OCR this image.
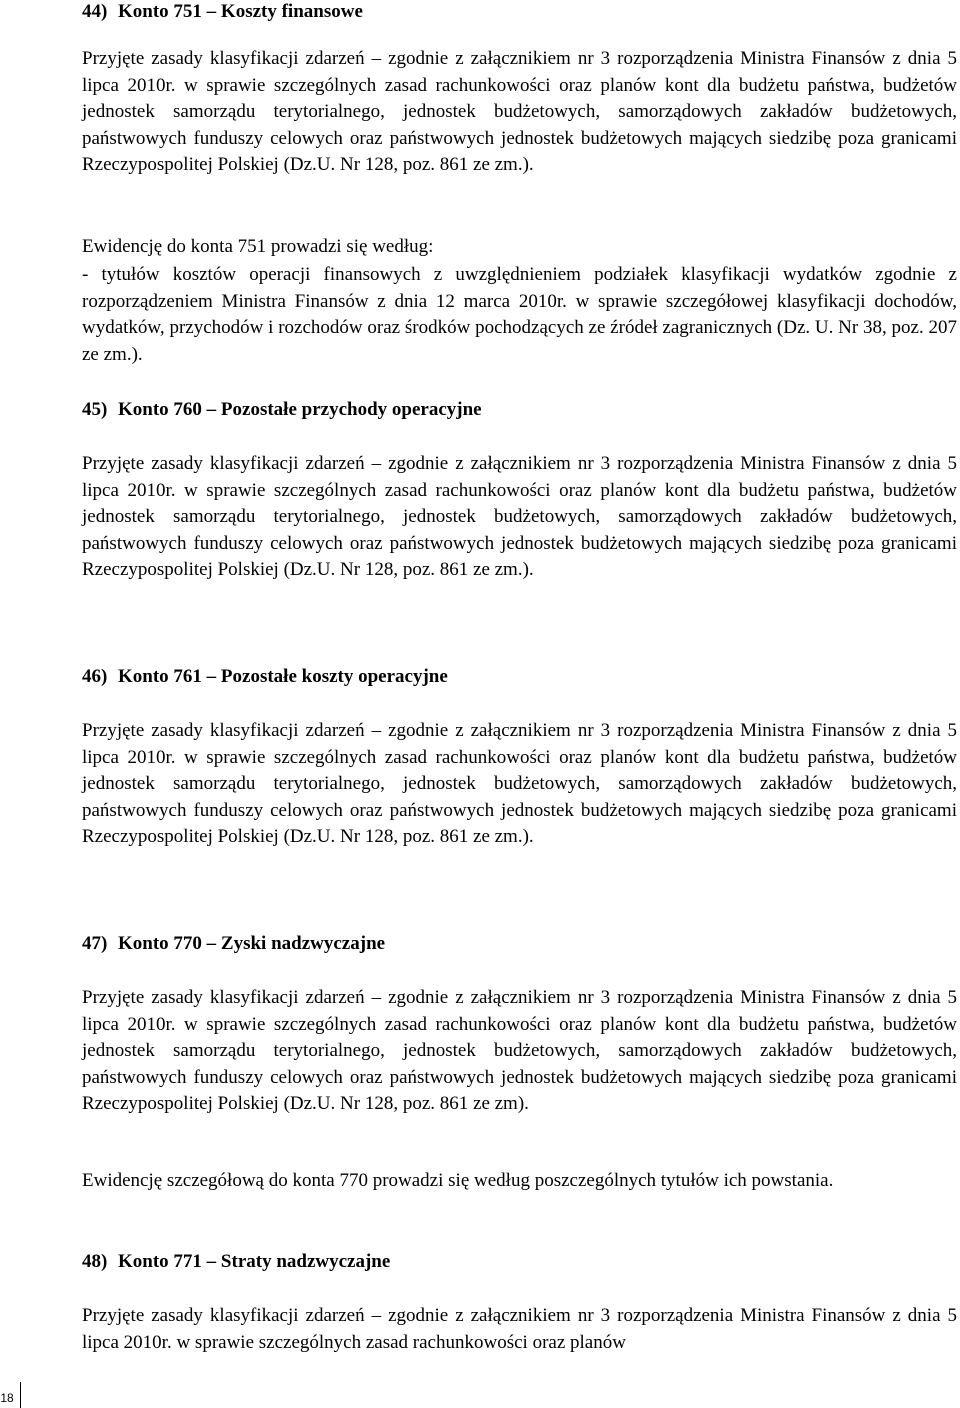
44) Konto 751 – Koszty finansowe
Przyjęte zasady klasyfikacji zdarzeń – zgodnie z załącznikiem nr 3 rozporządzenia Ministra Finansów z dnia 5 lipca 2010r. w sprawie szczególnych zasad rachunkowości oraz planów kont dla budżetu państwa, budżetów jednostek samorządu terytorialnego, jednostek budżetowych, samorządowych zakładów budżetowych, państwowych funduszy celowych oraz państwowych jednostek budżetowych mających siedzibę poza granicami Rzeczypospolitej Polskiej (Dz.U. Nr 128, poz. 861 ze zm.).
Ewidencję do konta 751 prowadzi się według:
- tytułów kosztów operacji finansowych z uwzględnieniem podziałek klasyfikacji wydatków zgodnie z rozporządzeniem Ministra Finansów z dnia 12 marca 2010r. w sprawie szczegółowej klasyfikacji dochodów, wydatków, przychodów i rozchodów oraz środków pochodzących ze źródeł zagranicznych (Dz. U. Nr 38, poz. 207 ze zm.).
45) Konto 760 – Pozostałe przychody operacyjne
Przyjęte zasady klasyfikacji zdarzeń – zgodnie z załącznikiem nr 3 rozporządzenia Ministra Finansów z dnia 5 lipca 2010r. w sprawie szczególnych zasad rachunkowości oraz planów kont dla budżetu państwa, budżetów jednostek samorządu terytorialnego, jednostek budżetowych, samorządowych zakładów budżetowych, państwowych funduszy celowych oraz państwowych jednostek budżetowych mających siedzibę poza granicami Rzeczypospolitej Polskiej (Dz.U. Nr 128, poz. 861 ze zm.).
46) Konto 761 – Pozostałe koszty operacyjne
Przyjęte zasady klasyfikacji zdarzeń – zgodnie z załącznikiem nr 3 rozporządzenia Ministra Finansów z dnia 5 lipca 2010r. w sprawie szczególnych zasad rachunkowości oraz planów kont dla budżetu państwa, budżetów jednostek samorządu terytorialnego, jednostek budżetowych, samorządowych zakładów budżetowych, państwowych funduszy celowych oraz państwowych jednostek budżetowych mających siedzibę poza granicami Rzeczypospolitej Polskiej (Dz.U. Nr 128, poz. 861 ze zm.).
47) Konto 770 – Zyski nadzwyczajne
Przyjęte zasady klasyfikacji zdarzeń – zgodnie z załącznikiem nr 3 rozporządzenia Ministra Finansów z dnia 5 lipca 2010r. w sprawie szczególnych zasad rachunkowości oraz planów kont dla budżetu państwa, budżetów jednostek samorządu terytorialnego, jednostek budżetowych, samorządowych zakładów budżetowych, państwowych funduszy celowych oraz państwowych jednostek budżetowych mających siedzibę poza granicami Rzeczypospolitej Polskiej (Dz.U. Nr 128, poz. 861 ze zm).
Ewidencję szczegółową do konta 770 prowadzi się według poszczególnych tytułów ich powstania.
48) Konto 771 – Straty nadzwyczajne
Przyjęte zasady klasyfikacji zdarzeń – zgodnie z załącznikiem nr 3 rozporządzenia Ministra Finansów z dnia 5 lipca 2010r. w sprawie szczególnych zasad rachunkowości oraz planów
18
